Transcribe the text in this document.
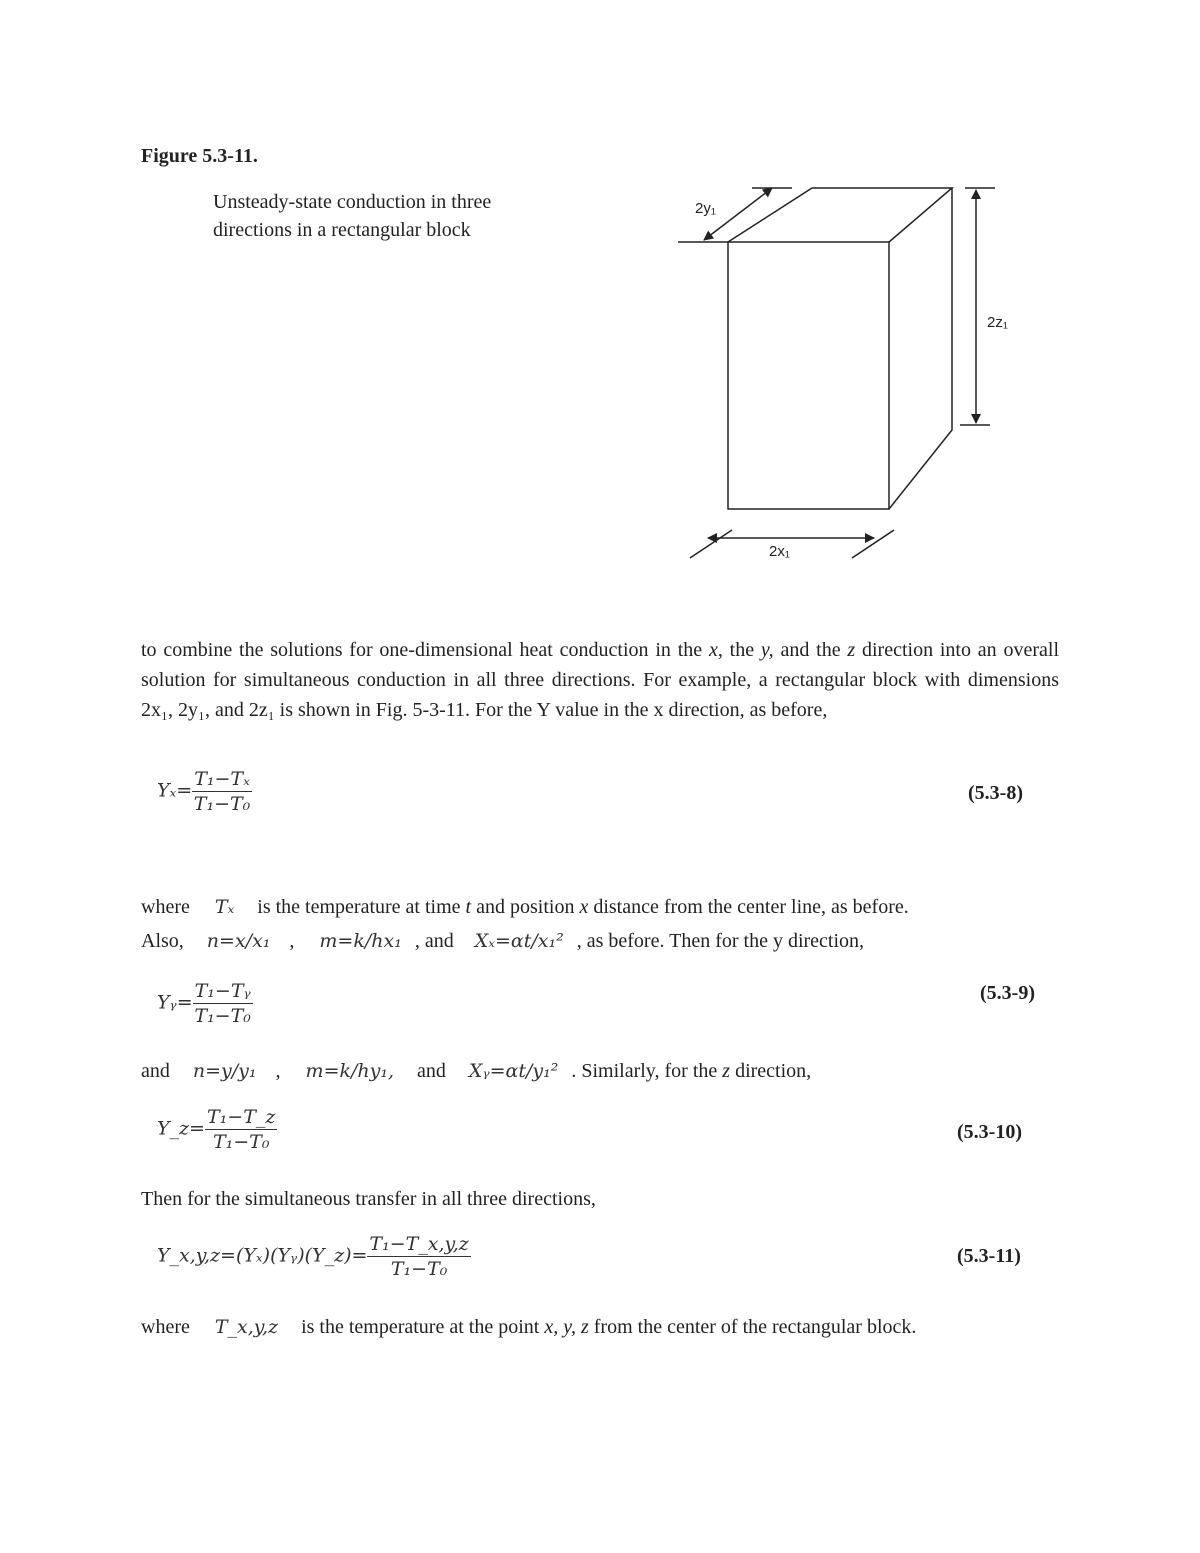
Figure 5.3-11.
Unsteady-state conduction in three
directions in a rectangular block
2y₁
2z₁
2x₁
to combine the solutions for one-dimensional heat conduction in the x, the y, and the z direction into an overall solution for simultaneous conduction in all three directions. For example, a rectangular block with dimensions 2x₁, 2y₁, and 2z₁ is shown in Fig. 5-3-11. For the Y value in the x direction, as before,
$Y_x= \frac{\text{T₁−Tₓ}}{\text{T₁−T₀}}$	(5.3-8)
where Tₓ is the temperature at time t and position x distance from the center line, as before.
Also, n=x/x₁ , m=k/hx₁ , and Xₓ=αt/x₁² , as before. Then for the y direction,
Yᵧ= $\frac{\text{T₁−Tᵧ}}{\text{T₁−T₀}}$	(5.3-9)
and n=y/y₁ , m=k/hy₁, and Xᵧ=αt/y₁² . Similarly, for the z direction,
Y_z= $\frac{\text{T₁−T\_z}}{\text{T₁−T₀}}$	(5.3-10)
Then for the simultaneous transfer in all three directions,
Y_x,y,z=(Yₓ)(Yᵧ)(Y_z)= $\frac{\text{T₁−T\_x,y,z}}{\text{T₁−T₀}}$	(5.3-11)
where T_x,y,z is the temperature at the point x, y, z from the center of the rectangular block.
